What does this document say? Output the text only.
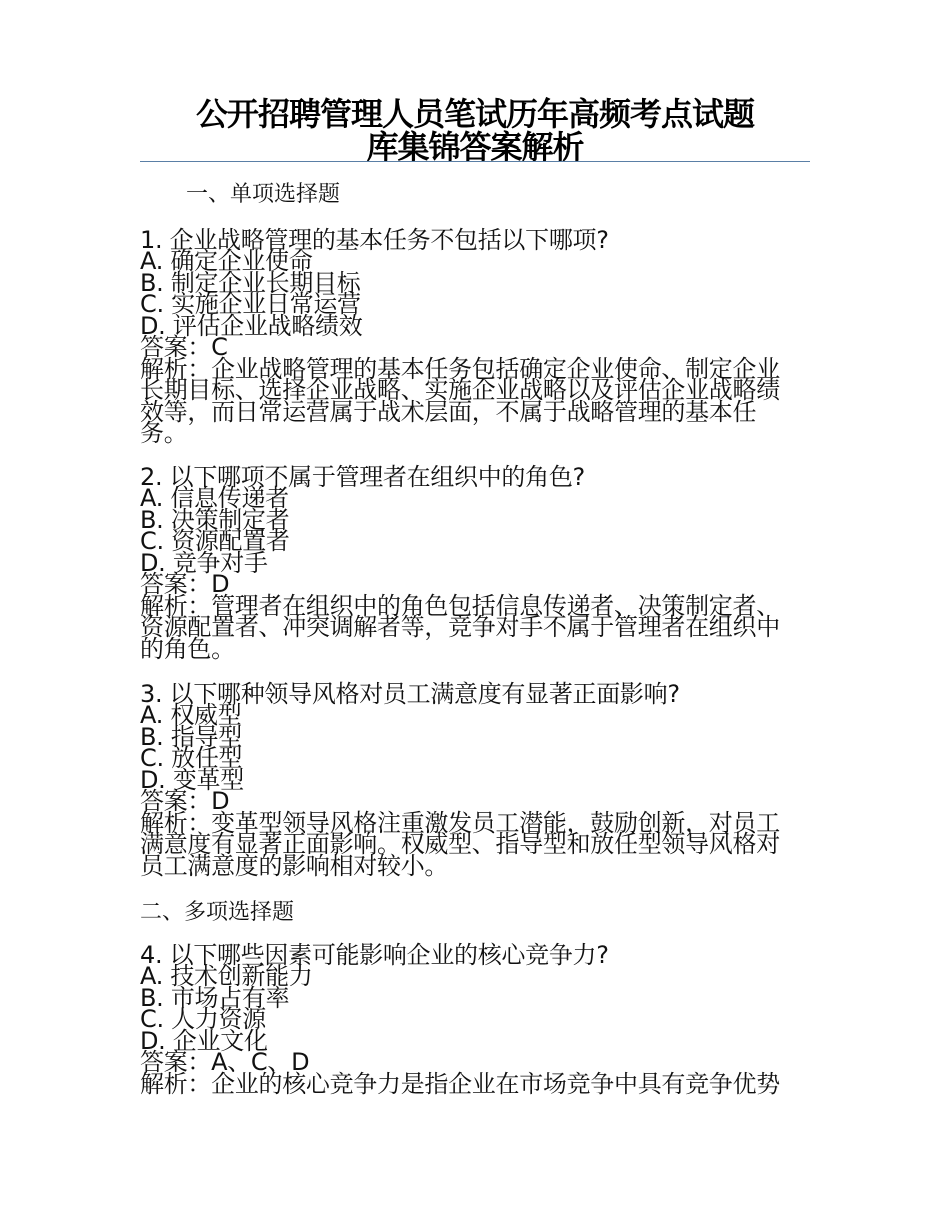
公开招聘管理人员笔试历年高频考点试题
库集锦答案解析
一、单项选择题
1. 企业战略管理的基本任务不包括以下哪项?
A. 确定企业使命
B. 制定企业长期目标
C. 实施企业日常运营
D. 评估企业战略绩效
答案：C
解析：企业战略管理的基本任务包括确定企业使命、制定企业
长期目标、选择企业战略、实施企业战略以及评估企业战略绩
效等，而日常运营属于战术层面，不属于战略管理的基本任
务。
2. 以下哪项不属于管理者在组织中的角色?
A. 信息传递者
B. 决策制定者
C. 资源配置者
D. 竞争对手
答案：D
解析：管理者在组织中的角色包括信息传递者、决策制定者、
资源配置者、冲突调解者等，竞争对手不属于管理者在组织中
的角色。
3. 以下哪种领导风格对员工满意度有显著正面影响?
A. 权威型
B. 指导型
C. 放任型
D. 变革型
答案：D
解析：变革型领导风格注重激发员工潜能，鼓励创新，对员工
满意度有显著正面影响。权威型、指导型和放任型领导风格对
员工满意度的影响相对较小。
二、多项选择题
4. 以下哪些因素可能影响企业的核心竞争力?
A. 技术创新能力
B. 市场占有率
C. 人力资源
D. 企业文化
答案：A、C、D
解析：企业的核心竞争力是指企业在市场竞争中具有竞争优势
